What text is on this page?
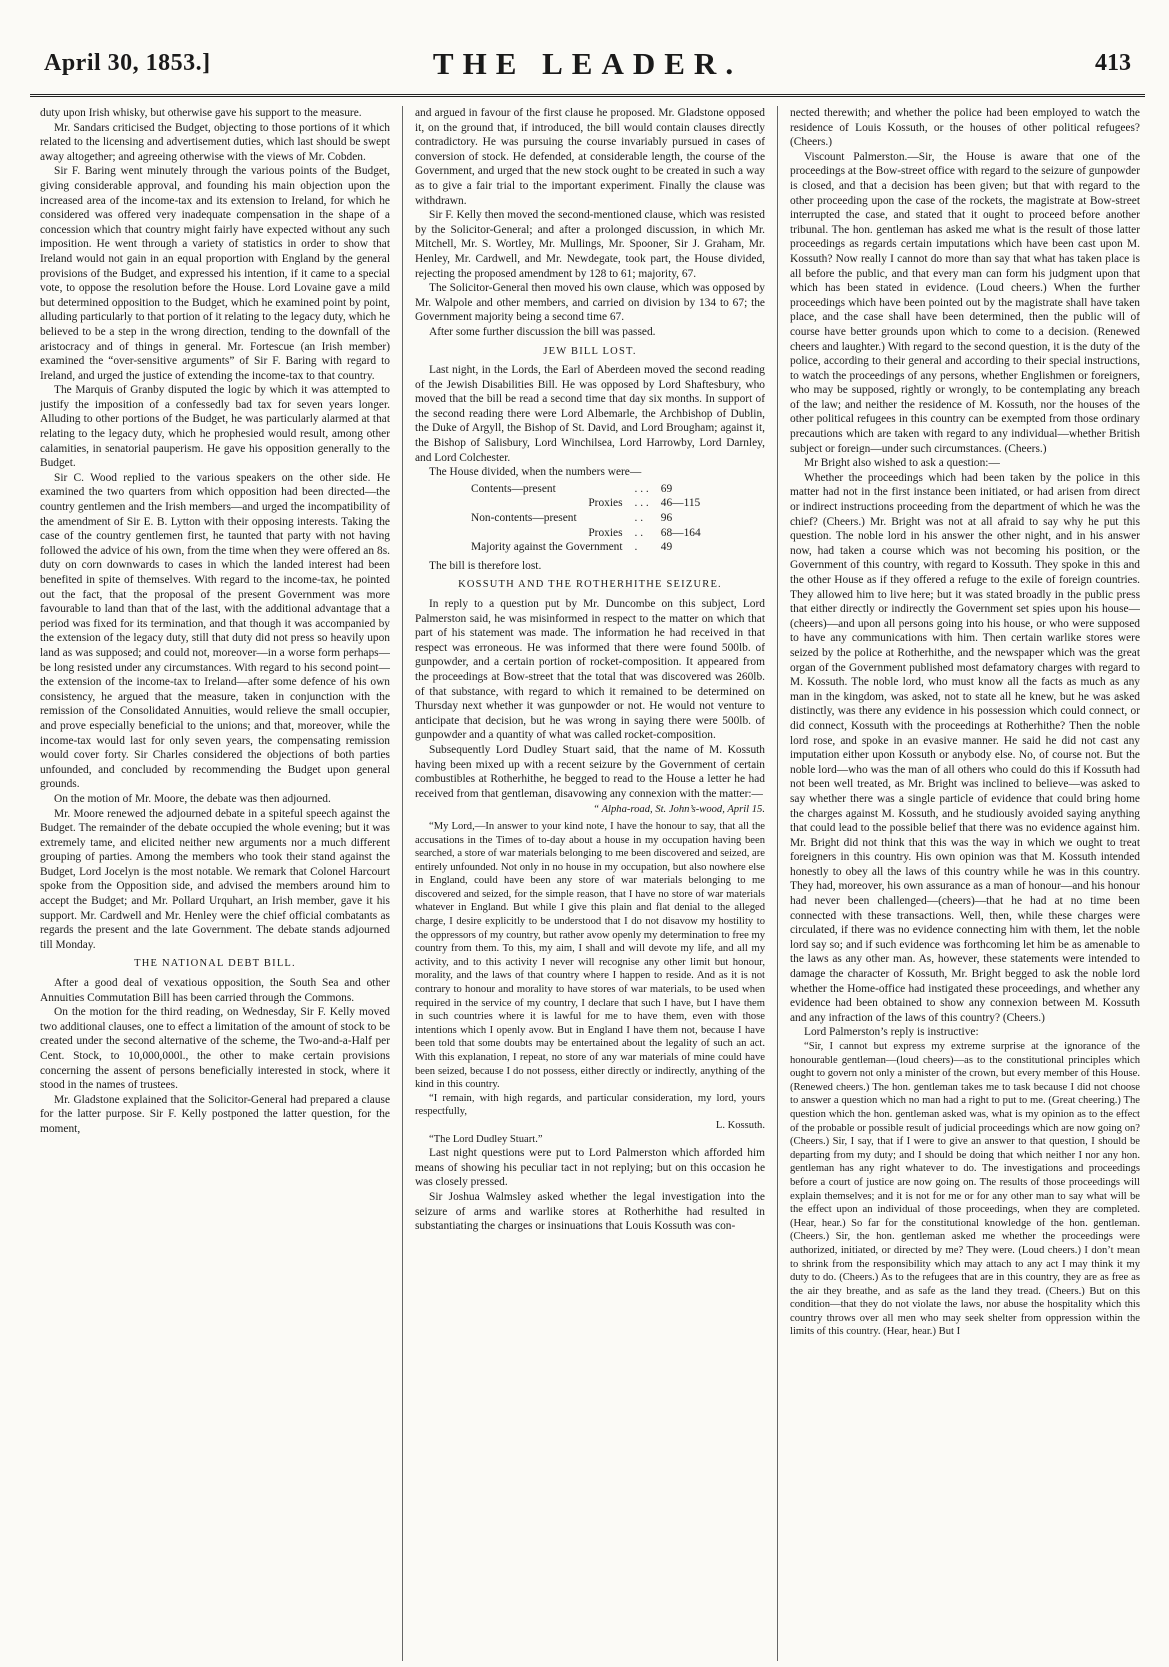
April 30, 1853.]	THE LEADER.	413

duty upon Irish whisky, but otherwise gave his support to the measure.

Mr. Sandars criticised the Budget, objecting to those portions of it which related to the licensing and advertisement duties, which last should be swept away altogether; and agreeing otherwise with the views of Mr. Cobden.

Sir F. Baring went minutely through the various points of the Budget, giving considerable approval, and founding his main objection upon the increased area of the income-tax and its extension to Ireland, for which he considered was offered very inadequate compensation in the shape of a concession which that country might fairly have expected without any such imposition. He went through a variety of statistics in order to show that Ireland would not gain in an equal proportion with England by the general provisions of the Budget, and expressed his intention, if it came to a special vote, to oppose the resolution before the House. Lord Lovaine gave a mild but determined opposition to the Budget, which he examined point by point, alluding particularly to that portion of it relating to the legacy duty, which he believed to be a step in the wrong direction, tending to the downfall of the aristocracy and of things in general. Mr. Fortescue (an Irish member) examined the “over-sensitive arguments” of Sir F. Baring with regard to Ireland, and urged the justice of extending the income-tax to that country.

The Marquis of Granby disputed the logic by which it was attempted to justify the imposition of a confessedly bad tax for seven years longer. Alluding to other portions of the Budget, he was particularly alarmed at that relating to the legacy duty, which he prophesied would result, among other calamities, in senatorial pauperism. He gave his opposition generally to the Budget.

Sir C. Wood replied to the various speakers on the other side. He examined the two quarters from which opposition had been directed—the country gentlemen and the Irish members—and urged the incompatibility of the amendment of Sir E. B. Lytton with their opposing interests. Taking the case of the country gentlemen first, he taunted that party with not having followed the advice of his own, from the time when they were offered an 8s. duty on corn downwards to cases in which the landed interest had been benefited in spite of themselves. With regard to the income-tax, he pointed out the fact, that the proposal of the present Government was more favourable to land than that of the last, with the additional advantage that a period was fixed for its termination, and that though it was accompanied by the extension of the legacy duty, still that duty did not press so heavily upon land as was supposed; and could not, moreover—in a worse form perhaps—be long resisted under any circumstances. With regard to his second point—the extension of the income-tax to Ireland—after some defence of his own consistency, he argued that the measure, taken in conjunction with the remission of the Consolidated Annuities, would relieve the small occupier, and prove especially beneficial to the unions; and that, moreover, while the income-tax would last for only seven years, the compensating remission would cover forty. Sir Charles considered the objections of both parties unfounded, and concluded by recommending the Budget upon general grounds.

On the motion of Mr. Moore, the debate was then adjourned.

Mr. Moore renewed the adjourned debate in a spiteful speech against the Budget. The remainder of the debate occupied the whole evening; but it was extremely tame, and elicited neither new arguments nor a much different grouping of parties. Among the members who took their stand against the Budget, Lord Jocelyn is the most notable. We remark that Colonel Harcourt spoke from the Opposition side, and advised the members around him to accept the Budget; and Mr. Pollard Urquhart, an Irish member, gave it his support. Mr. Cardwell and Mr. Henley were the chief official combatants as regards the present and the late Government. The debate stands adjourned till Monday.

THE NATIONAL DEBT BILL.

After a good deal of vexatious opposition, the South Sea and other Annuities Commutation Bill has been carried through the Commons.

On the motion for the third reading, on Wednesday, Sir F. Kelly moved two additional clauses, one to effect a limitation of the amount of stock to be created under the second alternative of the scheme, the Two-and-a-Half per Cent. Stock, to 10,000,000l., the other to make certain provisions concerning the assent of persons beneficially interested in stock, where it stood in the names of trustees.

Mr. Gladstone explained that the Solicitor-General had prepared a clause for the latter purpose. Sir F. Kelly postponed the latter question, for the moment,

and argued in favour of the first clause he proposed. Mr. Gladstone opposed it, on the ground that, if introduced, the bill would contain clauses directly contradictory. He was pursuing the course invariably pursued in cases of conversion of stock. He defended, at considerable length, the course of the Government, and urged that the new stock ought to be created in such a way as to give a fair trial to the important experiment. Finally the clause was withdrawn.

Sir F. Kelly then moved the second-mentioned clause, which was resisted by the Solicitor-General; and after a prolonged discussion, in which Mr. Mitchell, Mr. S. Wortley, Mr. Mullings, Mr. Spooner, Sir J. Graham, Mr. Henley, Mr. Cardwell, and Mr. Newdegate, took part, the House divided, rejecting the proposed amendment by 128 to 61; majority, 67.

The Solicitor-General then moved his own clause, which was opposed by Mr. Walpole and other members, and carried on division by 134 to 67; the Government majority being a second time 67.

After some further discussion the bill was passed.

JEW BILL LOST.

Last night, in the Lords, the Earl of Aberdeen moved the second reading of the Jewish Disabilities Bill. He was opposed by Lord Shaftesbury, who moved that the bill be read a second time that day six months. In support of the second reading there were Lord Albemarle, the Archbishop of Dublin, the Duke of Argyll, the Bishop of St. David, and Lord Brougham; against it, the Bishop of Salisbury, Lord Winchilsea, Lord Harrowby, Lord Darnley, and Lord Colchester.

The House divided, when the numbers were—

Contents—present	. . .	69
Proxies	. . .	46—115
Non-contents—present	. .	96
Proxies	. .	68—164
Majority against the Government	.	49

The bill is therefore lost.

KOSSUTH AND THE ROTHERHITHE SEIZURE.

In reply to a question put by Mr. Duncombe on this subject, Lord Palmerston said, he was misinformed in respect to the matter on which that part of his statement was made. The information he had received in that respect was erroneous. He was informed that there were found 500lb. of gunpowder, and a certain portion of rocket-composition. It appeared from the proceedings at Bow-street that the total that was discovered was 260lb. of that substance, with regard to which it remained to be determined on Thursday next whether it was gunpowder or not. He would not venture to anticipate that decision, but he was wrong in saying there were 500lb. of gunpowder and a quantity of what was called rocket-composition.

Subsequently Lord Dudley Stuart said, that the name of M. Kossuth having been mixed up with a recent seizure by the Government of certain combustibles at Rotherhithe, he begged to read to the House a letter he had received from that gentleman, disavowing any connexion with the matter:—

“ Alpha-road, St. John’s-wood, April 15.

“My Lord,—In answer to your kind note, I have the honour to say, that all the accusations in the Times of to-day about a house in my occupation having been searched, a store of war materials belonging to me been discovered and seized, are entirely unfounded. Not only in no house in my occupation, but also nowhere else in England, could have been any store of war materials belonging to me discovered and seized, for the simple reason, that I have no store of war materials whatever in England. But while I give this plain and flat denial to the alleged charge, I desire explicitly to be understood that I do not disavow my hostility to the oppressors of my country, but rather avow openly my determination to free my country from them. To this, my aim, I shall and will devote my life, and all my activity, and to this activity I never will recognise any other limit but honour, morality, and the laws of that country where I happen to reside. And as it is not contrary to honour and morality to have stores of war materials, to be used when required in the service of my country, I declare that such I have, but I have them in such countries where it is lawful for me to have them, even with those intentions which I openly avow. But in England I have them not, because I have been told that some doubts may be entertained about the legality of such an act. With this explanation, I repeat, no store of any war materials of mine could have been seized, because I do not possess, either directly or indirectly, anything of the kind in this country.

“I remain, with high regards, and particular consideration, my lord, yours respectfully,

L. Kossuth.

“The Lord Dudley Stuart.”

Last night questions were put to Lord Palmerston which afforded him means of showing his peculiar tact in not replying; but on this occasion he was closely pressed.

Sir Joshua Walmsley asked whether the legal investigation into the seizure of arms and warlike stores at Rotherhithe had resulted in substantiating the charges or insinuations that Louis Kossuth was con-

nected therewith; and whether the police had been employed to watch the residence of Louis Kossuth, or the houses of other political refugees? (Cheers.)

Viscount Palmerston.—Sir, the House is aware that one of the proceedings at the Bow-street office with regard to the seizure of gunpowder is closed, and that a decision has been given; but that with regard to the other proceeding upon the case of the rockets, the magistrate at Bow-street interrupted the case, and stated that it ought to proceed before another tribunal. The hon. gentleman has asked me what is the result of those latter proceedings as regards certain imputations which have been cast upon M. Kossuth? Now really I cannot do more than say that what has taken place is all before the public, and that every man can form his judgment upon that which has been stated in evidence. (Loud cheers.) When the further proceedings which have been pointed out by the magistrate shall have taken place, and the case shall have been determined, then the public will of course have better grounds upon which to come to a decision. (Renewed cheers and laughter.) With regard to the second question, it is the duty of the police, according to their general and according to their special instructions, to watch the proceedings of any persons, whether Englishmen or foreigners, who may be supposed, rightly or wrongly, to be contemplating any breach of the law; and neither the residence of M. Kossuth, nor the houses of the other political refugees in this country can be exempted from those ordinary precautions which are taken with regard to any individual—whether British subject or foreign—under such circumstances. (Cheers.)

Mr Bright also wished to ask a question:—

Whether the proceedings which had been taken by the police in this matter had not in the first instance been initiated, or had arisen from direct or indirect instructions proceeding from the department of which he was the chief? (Cheers.) Mr. Bright was not at all afraid to say why he put this question. The noble lord in his answer the other night, and in his answer now, had taken a course which was not becoming his position, or the Government of this country, with regard to Kossuth. They spoke in this and the other House as if they offered a refuge to the exile of foreign countries. They allowed him to live here; but it was stated broadly in the public press that either directly or indirectly the Government set spies upon his house—(cheers)—and upon all persons going into his house, or who were supposed to have any communications with him. Then certain warlike stores were seized by the police at Rotherhithe, and the newspaper which was the great organ of the Government published most defamatory charges with regard to M. Kossuth. The noble lord, who must know all the facts as much as any man in the kingdom, was asked, not to state all he knew, but he was asked distinctly, was there any evidence in his possession which could connect, or did connect, Kossuth with the proceedings at Rotherhithe? Then the noble lord rose, and spoke in an evasive manner. He said he did not cast any imputation either upon Kossuth or anybody else. No, of course not. But the noble lord—who was the man of all others who could do this if Kossuth had not been well treated, as Mr. Bright was inclined to believe—was asked to say whether there was a single particle of evidence that could bring home the charges against M. Kossuth, and he studiously avoided saying anything that could lead to the possible belief that there was no evidence against him. Mr. Bright did not think that this was the way in which we ought to treat foreigners in this country. His own opinion was that M. Kossuth intended honestly to obey all the laws of this country while he was in this country. They had, moreover, his own assurance as a man of honour—and his honour had never been challenged—(cheers)—that he had at no time been connected with these transactions. Well, then, while these charges were circulated, if there was no evidence connecting him with them, let the noble lord say so; and if such evidence was forthcoming let him be as amenable to the laws as any other man. As, however, these statements were intended to damage the character of Kossuth, Mr. Bright begged to ask the noble lord whether the Home-office had instigated these proceedings, and whether any evidence had been obtained to show any connexion between M. Kossuth and any infraction of the laws of this country? (Cheers.)

Lord Palmerston’s reply is instructive:

“Sir, I cannot but express my extreme surprise at the ignorance of the honourable gentleman—(loud cheers)—as to the constitutional principles which ought to govern not only a minister of the crown, but every member of this House. (Renewed cheers.) The hon. gentleman takes me to task because I did not choose to answer a question which no man had a right to put to me. (Great cheering.) The question which the hon. gentleman asked was, what is my opinion as to the effect of the probable or possible result of judicial proceedings which are now going on? (Cheers.) Sir, I say, that if I were to give an answer to that question, I should be departing from my duty; and I should be doing that which neither I nor any hon. gentleman has any right whatever to do. The investigations and proceedings before a court of justice are now going on. The results of those proceedings will explain themselves; and it is not for me or for any other man to say what will be the effect upon an individual of those proceedings, when they are completed. (Hear, hear.) So far for the constitutional knowledge of the hon. gentleman. (Cheers.) Sir, the hon. gentleman asked me whether the proceedings were authorized, initiated, or directed by me? They were. (Loud cheers.) I don’t mean to shrink from the responsibility which may attach to any act I may think it my duty to do. (Cheers.) As to the refugees that are in this country, they are as free as the air they breathe, and as safe as the land they tread. (Cheers.) But on this condition—that they do not violate the laws, nor abuse the hospitality which this country throws over all men who may seek shelter from oppression within the limits of this country. (Hear, hear.) But I
